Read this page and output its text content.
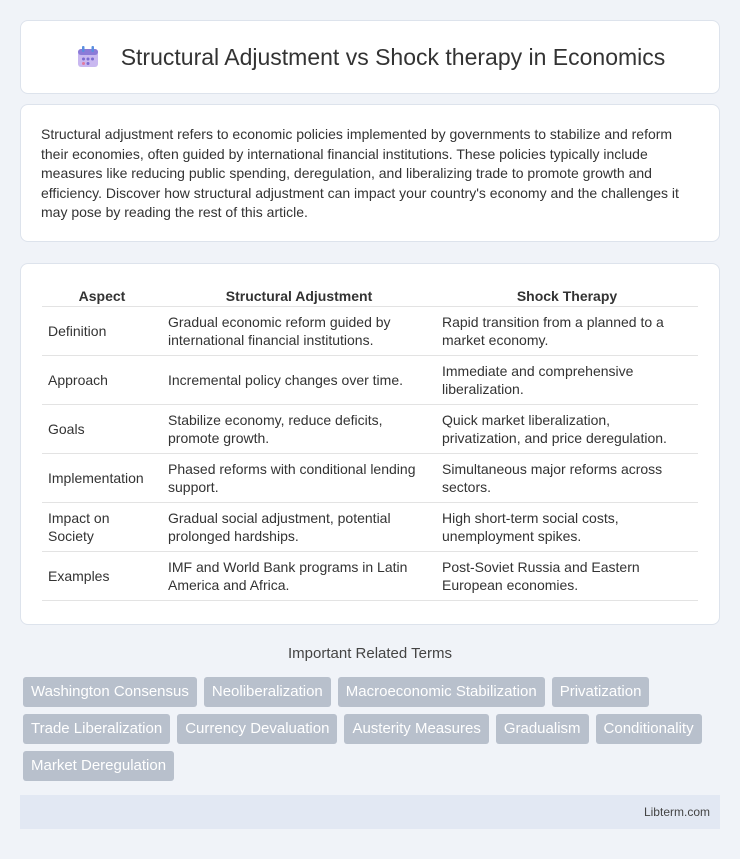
Structural Adjustment vs Shock therapy in Economics

Structural adjustment refers to economic policies implemented by governments to stabilize and reform their economies, often guided by international financial institutions. These policies typically include measures like reducing public spending, deregulation, and liberalizing trade to promote growth and efficiency. Discover how structural adjustment can impact your country's economy and the challenges it may pose by reading the rest of this article.

Aspect	Structural Adjustment	Shock Therapy
Definition	Gradual economic reform guided by international financial institutions.	Rapid transition from a planned to a market economy.
Approach	Incremental policy changes over time.	Immediate and comprehensive liberalization.
Goals	Stabilize economy, reduce deficits, promote growth.	Quick market liberalization, privatization, and price deregulation.
Implementation	Phased reforms with conditional lending support.	Simultaneous major reforms across sectors.
Impact on Society	Gradual social adjustment, potential prolonged hardships.	High short-term social costs, unemployment spikes.
Examples	IMF and World Bank programs in Latin America and Africa.	Post-Soviet Russia and Eastern European economies.
Important Related Terms
Washington Consensus	Neoliberalization	Macroeconomic Stabilization	Privatization
Trade Liberalization	Currency Devaluation	Austerity Measures	Gradualism	Conditionality
Market Deregulation
Libterm.com
